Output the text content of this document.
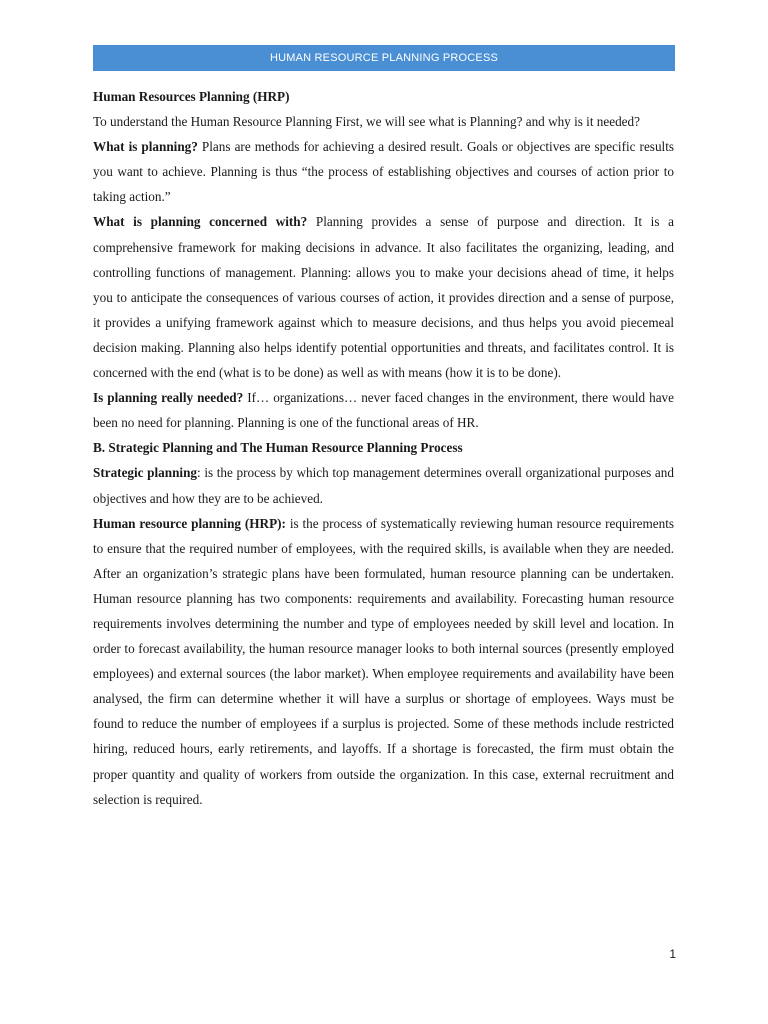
HUMAN RESOURCE PLANNING PROCESS

Human Resources Planning (HRP)

To understand the Human Resource Planning First, we will see what is Planning? and why is it needed?

What is planning? Plans are methods for achieving a desired result. Goals or objectives are specific results you want to achieve. Planning is thus “the process of establishing objectives and courses of action prior to taking action.”

What is planning concerned with? Planning provides a sense of purpose and direction. It is a comprehensive framework for making decisions in advance. It also facilitates the organizing, leading, and controlling functions of management. Planning: allows you to make your decisions ahead of time, it helps you to anticipate the consequences of various courses of action, it provides direction and a sense of purpose, it provides a unifying framework against which to measure decisions, and thus helps you avoid piecemeal decision making. Planning also helps identify potential opportunities and threats, and facilitates control. It is concerned with the end (what is to be done) as well as with means (how it is to be done).

Is planning really needed? If… organizations… never faced changes in the environment, there would have been no need for planning. Planning is one of the functional areas of HR.

B. Strategic Planning and The Human Resource Planning Process

Strategic planning: is the process by which top management determines overall organizational purposes and objectives and how they are to be achieved.

Human resource planning (HRP): is the process of systematically reviewing human resource requirements to ensure that the required number of employees, with the required skills, is available when they are needed. After an organization’s strategic plans have been formulated, human resource planning can be undertaken. Human resource planning has two components: requirements and availability. Forecasting human resource requirements involves determining the number and type of employees needed by skill level and location. In order to forecast availability, the human resource manager looks to both internal sources (presently employed employees) and external sources (the labor market). When employee requirements and availability have been analysed, the firm can determine whether it will have a surplus or shortage of employees. Ways must be found to reduce the number of employees if a surplus is projected. Some of these methods include restricted hiring, reduced hours, early retirements, and layoffs. If a shortage is forecasted, the firm must obtain the proper quantity and quality of workers from outside the organization. In this case, external recruitment and selection is required.

1
